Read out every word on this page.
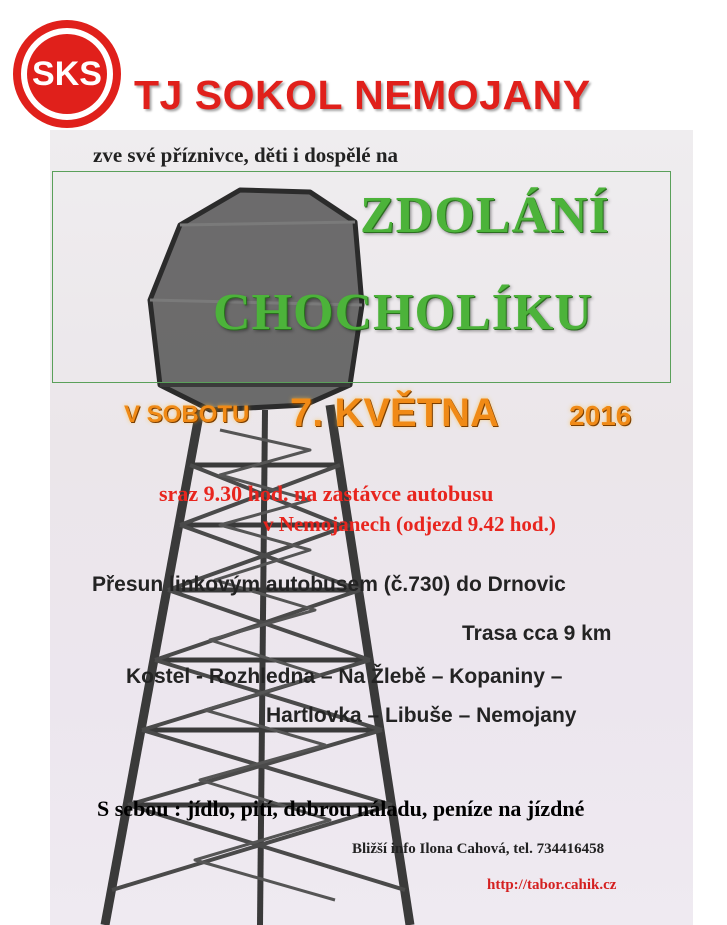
SKS TJ SOKOL NEMOJANY
zve své příznivce, děti i dospělé na
ZDOLÁNÍ
CHOCHOLÍKU
V SOBOTU 7. KVĚTNA	2016
sraz 9.30 hod. na zastávce autobusu
v Nemojanech (odjezd 9.42 hod.)
Přesun linkovým autobusem (č.730) do Drnovic
Trasa cca 9 km
Kostel - Rozhledna – Na Žlebě – Kopaniny –
Hartlovka – Libuše – Nemojany
S sebou : jídlo, pití, dobrou náladu, peníze na jízdné
Bližší info Ilona Cahová, tel. 734416458
http://tabor.cahik.cz
